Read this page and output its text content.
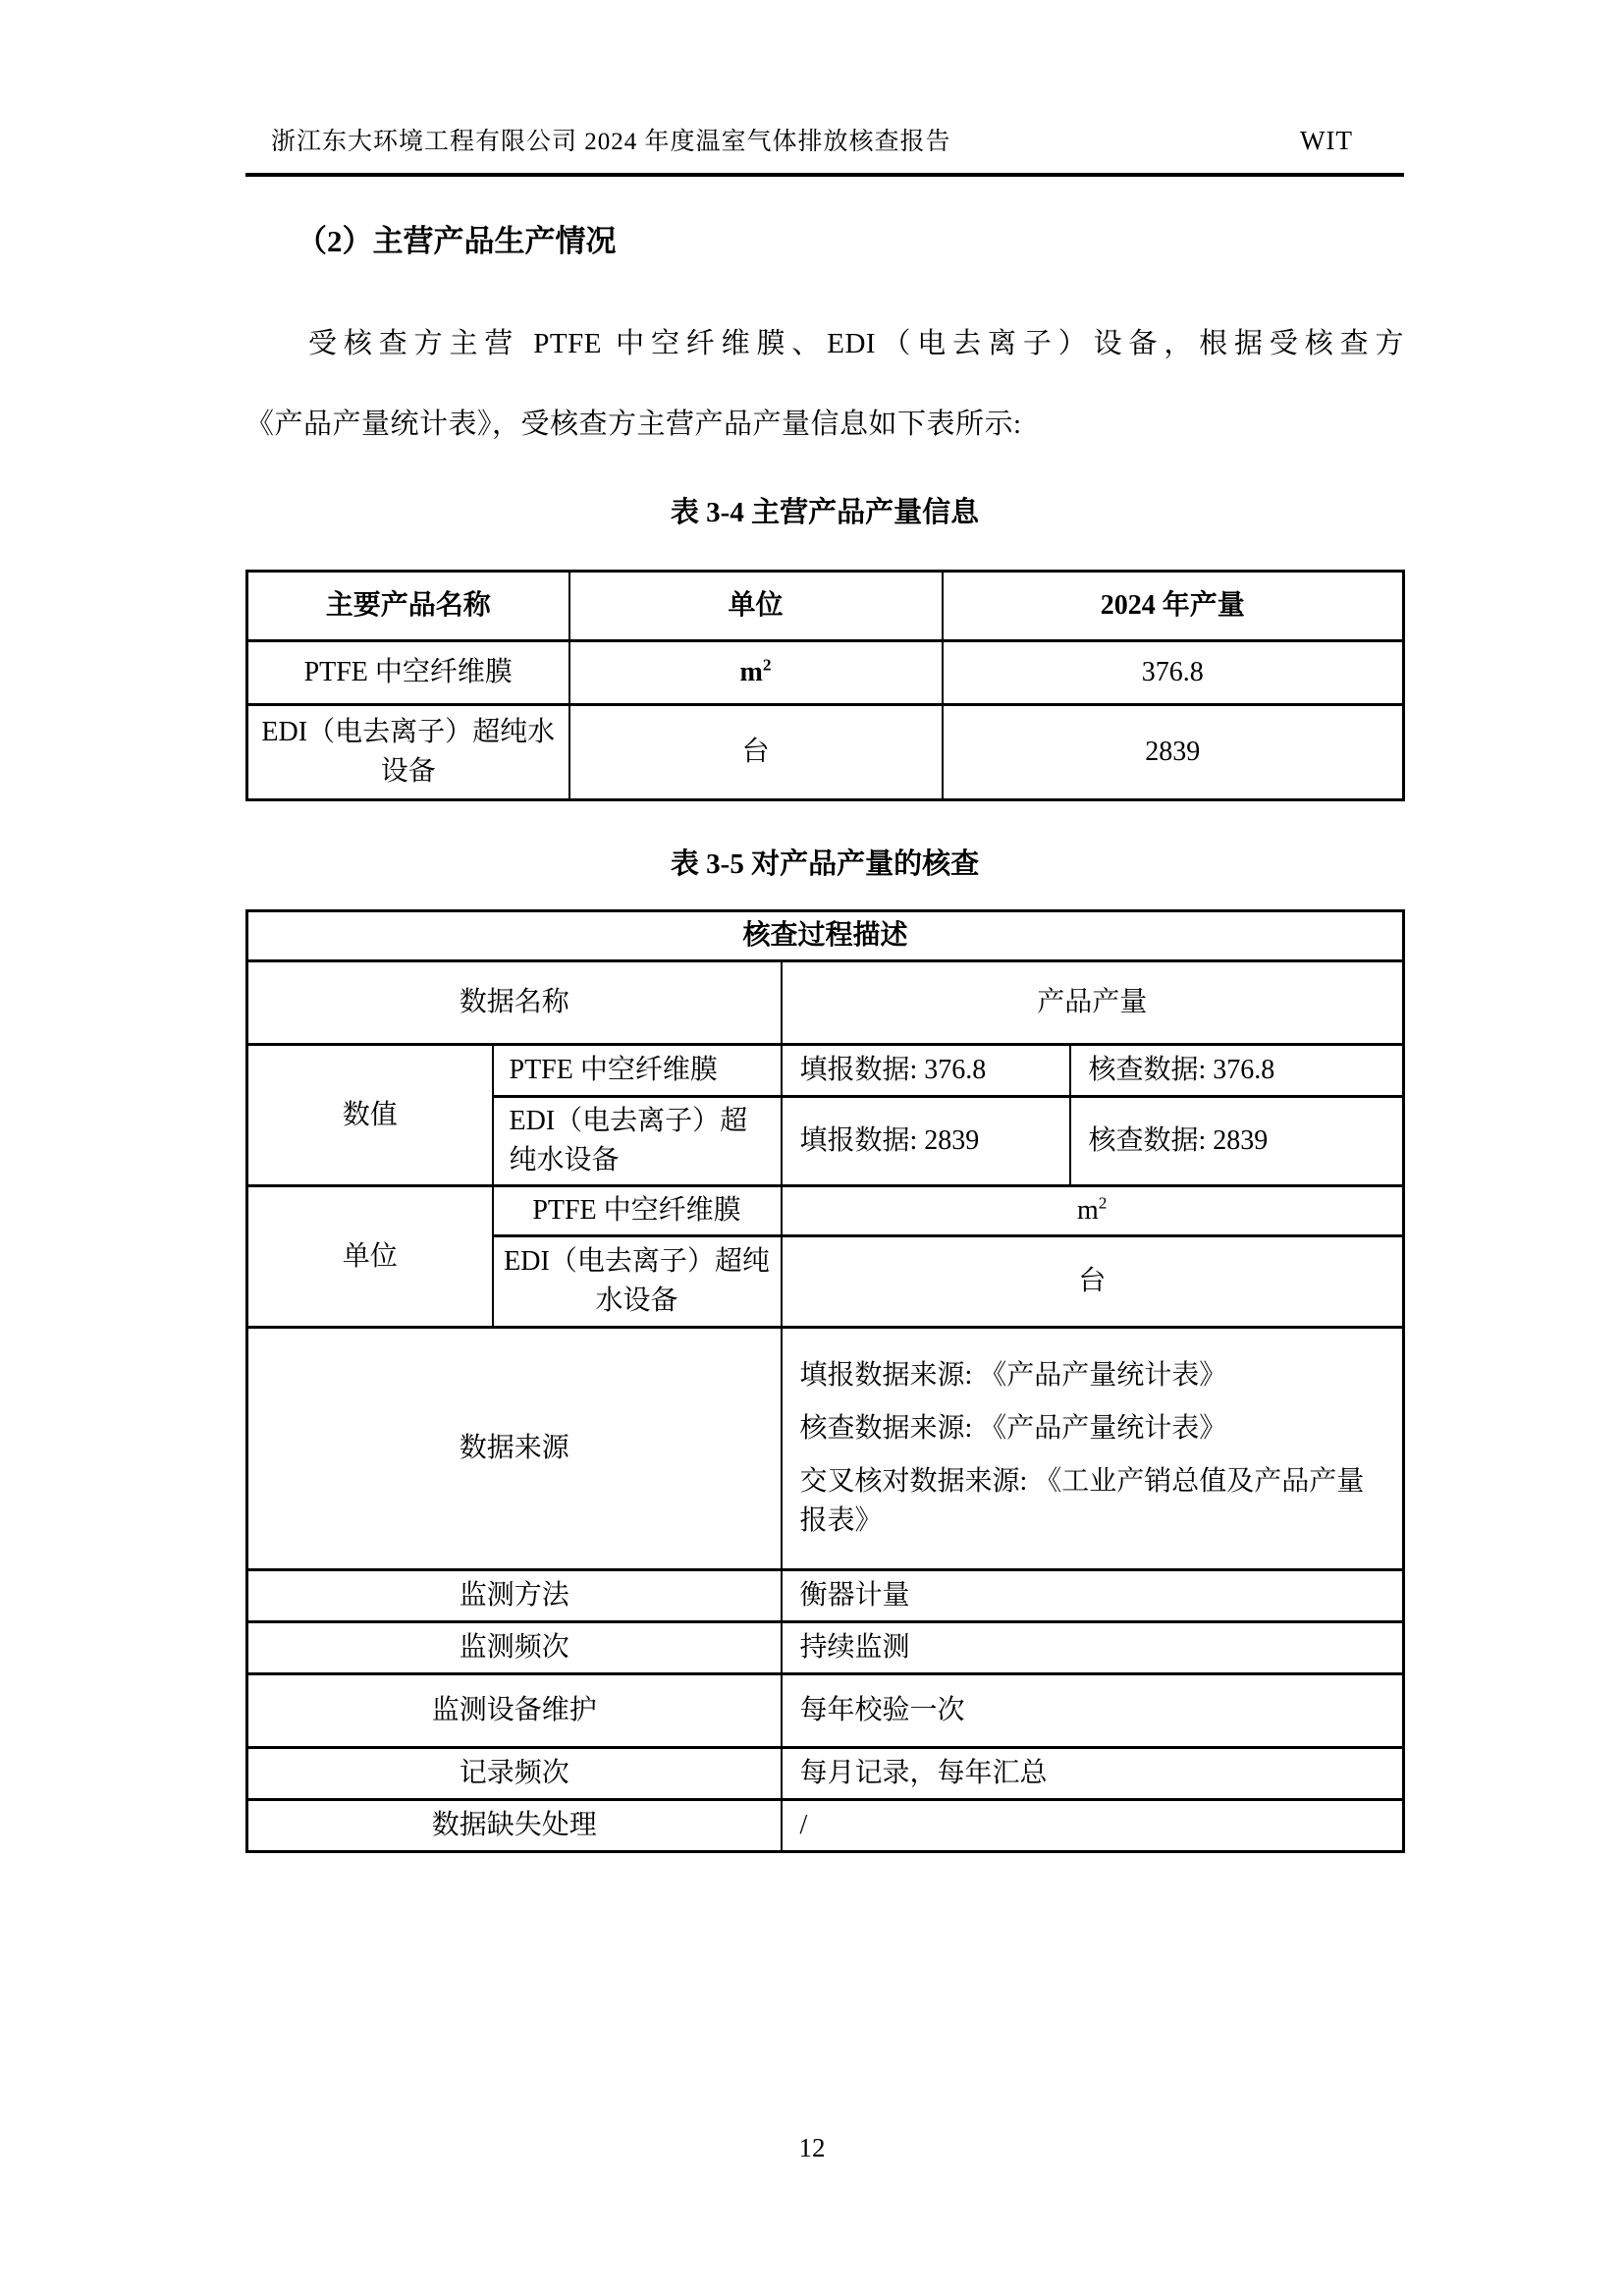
浙江东大环境工程有限公司 2024 年度温室气体排放核查报告	WIT
（2）主营产品生产情况
受核查方主营 PTFE 中空纤维膜、EDI（电去离子）设备，根据受核查方
《产品产量统计表》，受核查方主营产品产量信息如下表所示:
表 3-4 主营产品产量信息
主要产品名称	单位	2024 年产量
PTFE 中空纤维膜	$m^2$	376.8
EDI（电去离子）超纯水设备	台	2839
表 3-5 对产品产量的核查
核查过程描述			
数据名称		产品产量	
数值	PTFE 中空纤维膜	填报数据: 376.8	核查数据: 376.8
	EDI（电去离子）超纯水设备	填报数据: 2839	核查数据: 2839
单位	PTFE 中空纤维膜	$m^2$
	EDI（电去离子）超纯水设备	台	
数据来源		填报数据来源: 《产品产量统计表》
核查数据来源: 《产品产量统计表》
交叉核对数据来源: 《工业产销总值及产品产量报表》	

监测方法		衡器计量	
监测频次		持续监测	
监测设备维护		每年校验一次	
记录频次		每月记录，每年汇总	
数据缺失处理		/	
12
